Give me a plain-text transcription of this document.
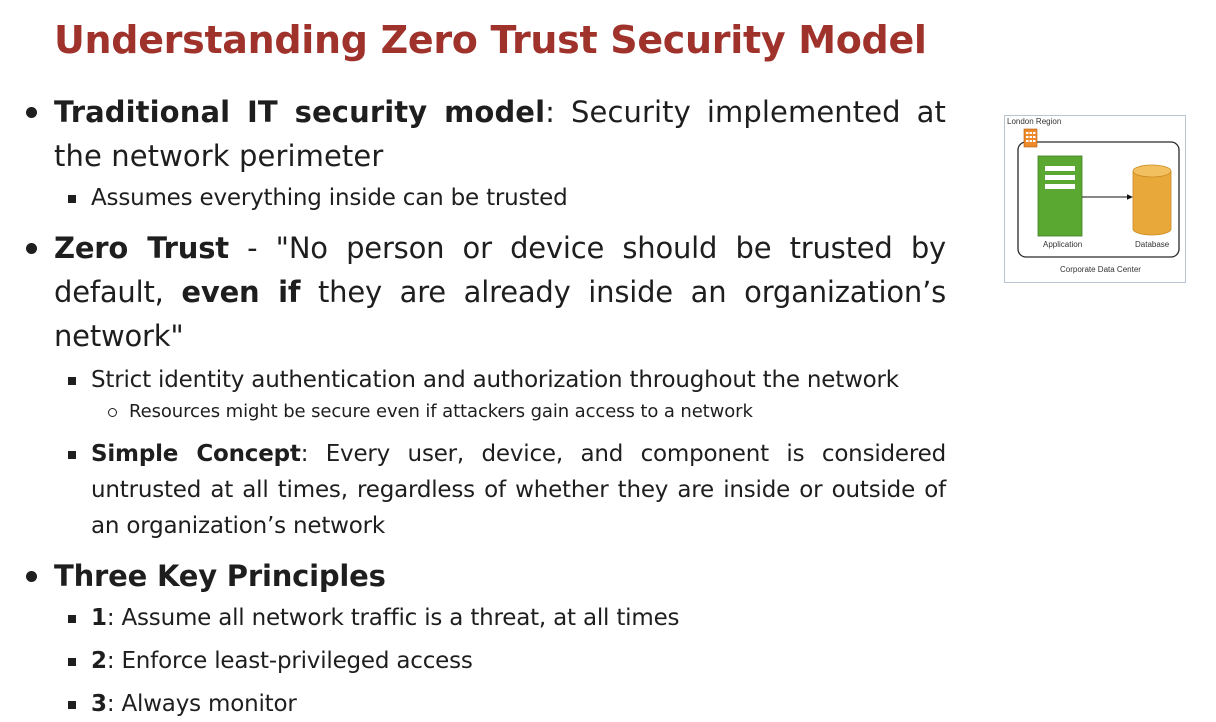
Understanding Zero Trust Security Model
Traditional IT security model: Security implemented at the network perimeter
Assumes everything inside can be trusted
Zero Trust - "No person or device should be trusted by default, even if they are already inside an organization’s network"
Strict identity authentication and authorization throughout the network
Resources might be secure even if attackers gain access to a network
Simple Concept: Every user, device, and component is considered untrusted at all times, regardless of whether they are inside or outside of an organization’s network
Three Key Principles
1: Assume all network traffic is a threat, at all times
2: Enforce least-privileged access
3: Always monitor
London Region
Application	Database
Corporate Data Center
